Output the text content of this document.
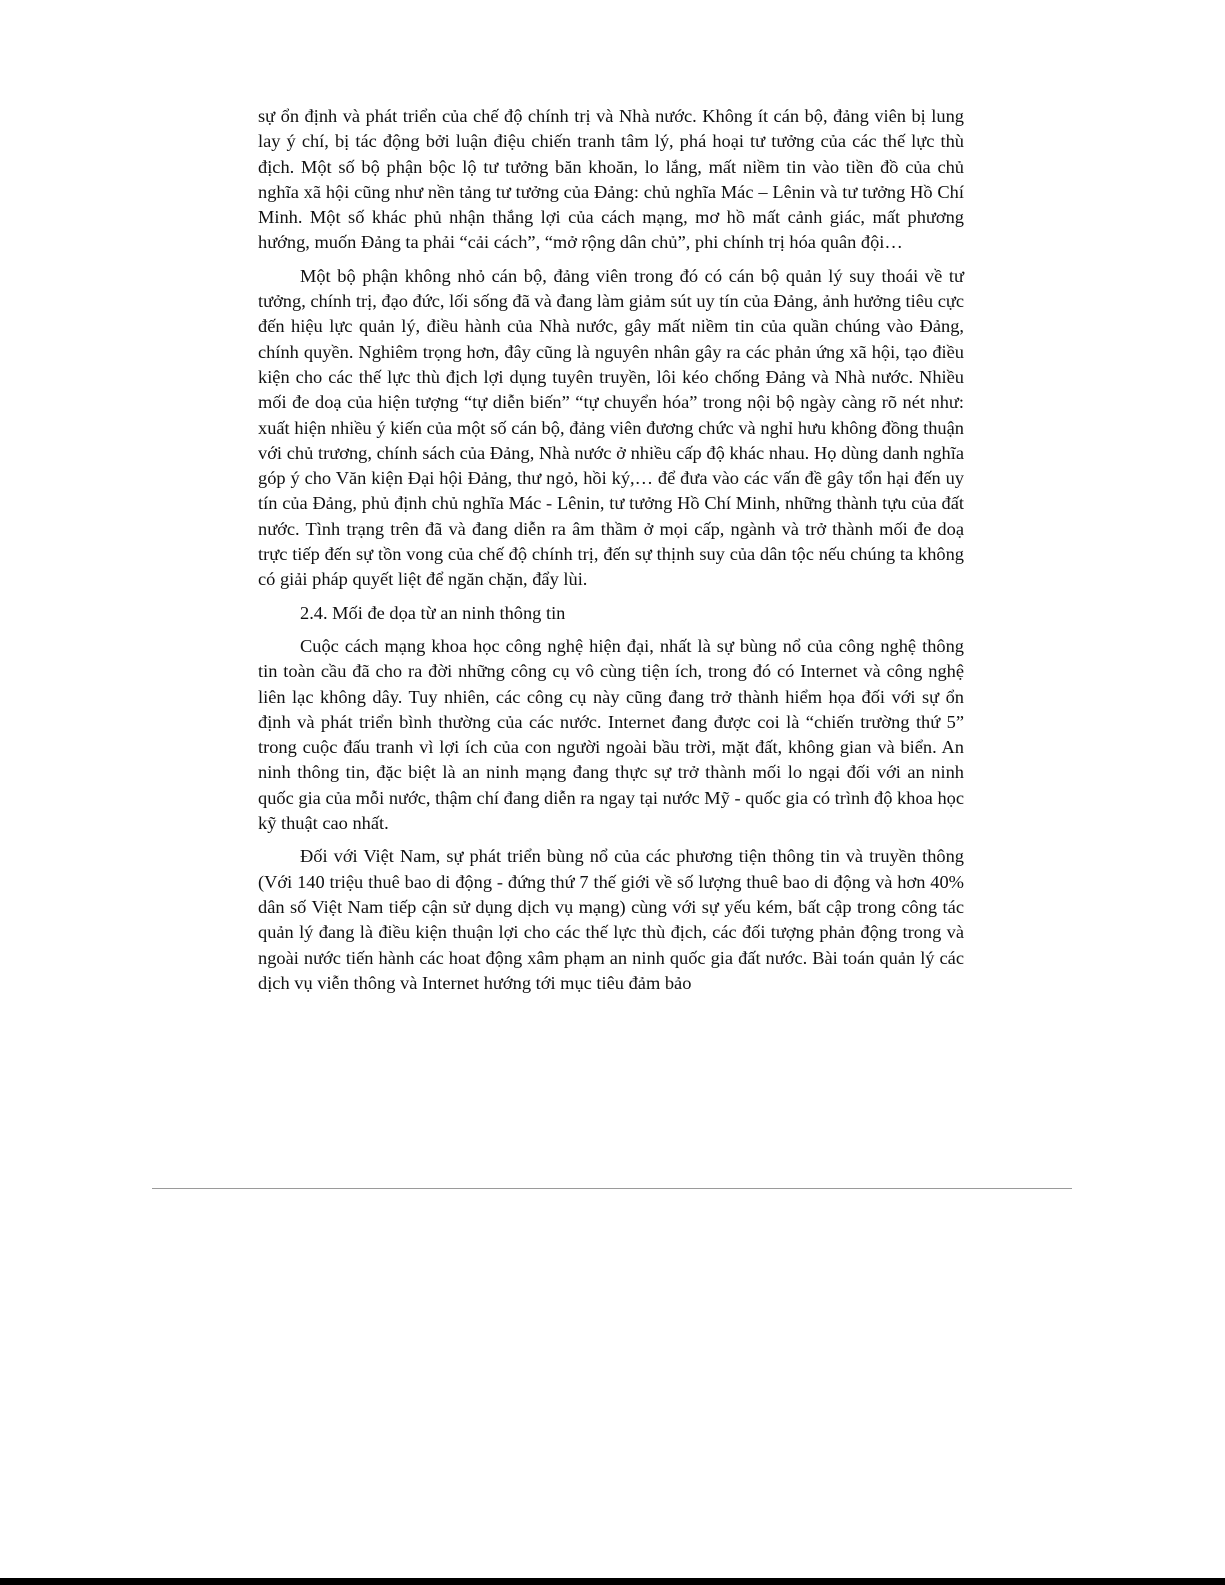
sự ổn định và phát triển của chế độ chính trị và Nhà nước. Không ít cán bộ, đảng viên bị lung lay ý chí, bị tác động bởi luận điệu chiến tranh tâm lý, phá hoại tư tưởng của các thế lực thù địch. Một số bộ phận bộc lộ tư tưởng băn khoăn, lo lắng, mất niềm tin vào tiền đồ của chủ nghĩa xã hội cũng như nền tảng tư tưởng của Đảng: chủ nghĩa Mác – Lênin và tư tưởng Hồ Chí Minh. Một số khác phủ nhận thắng lợi của cách mạng, mơ hồ mất cảnh giác, mất phương hướng, muốn Đảng ta phải “cải cách”, “mở rộng dân chủ”, phi chính trị hóa quân đội…

Một bộ phận không nhỏ cán bộ, đảng viên trong đó có cán bộ quản lý suy thoái về tư tưởng, chính trị, đạo đức, lối sống đã và đang làm giảm sút uy tín của Đảng, ảnh hưởng tiêu cực đến hiệu lực quản lý, điều hành của Nhà nước, gây mất niềm tin của quần chúng vào Đảng, chính quyền. Nghiêm trọng hơn, đây cũng là nguyên nhân gây ra các phản ứng xã hội, tạo điều kiện cho các thế lực thù địch lợi dụng tuyên truyền, lôi kéo chống Đảng và Nhà nước. Nhiều mối đe doạ của hiện tượng “tự diễn biến” “tự chuyển hóa” trong nội bộ ngày càng rõ nét như: xuất hiện nhiều ý kiến của một số cán bộ, đảng viên đương chức và nghỉ hưu không đồng thuận với chủ trương, chính sách của Đảng, Nhà nước ở nhiều cấp độ khác nhau. Họ dùng danh nghĩa góp ý cho Văn kiện Đại hội Đảng, thư ngỏ, hồi ký,… để đưa vào các vấn đề gây tổn hại đến uy tín của Đảng, phủ định chủ nghĩa Mác - Lênin, tư tưởng Hồ Chí Minh, những thành tựu của đất nước. Tình trạng trên đã và đang diễn ra âm thầm ở mọi cấp, ngành và trở thành mối đe doạ trực tiếp đến sự tồn vong của chế độ chính trị, đến sự thịnh suy của dân tộc nếu chúng ta không có giải pháp quyết liệt để ngăn chặn, đẩy lùi.

2.4. Mối đe dọa từ an ninh thông tin

Cuộc cách mạng khoa học công nghệ hiện đại, nhất là sự bùng nổ của công nghệ thông tin toàn cầu đã cho ra đời những công cụ vô cùng tiện ích, trong đó có Internet và công nghệ liên lạc không dây. Tuy nhiên, các công cụ này cũng đang trở thành hiểm họa đối với sự ổn định và phát triển bình thường của các nước. Internet đang được coi là “chiến trường thứ 5” trong cuộc đấu tranh vì lợi ích của con người ngoài bầu trời, mặt đất, không gian và biển. An ninh thông tin, đặc biệt là an ninh mạng đang thực sự trở thành mối lo ngại đối với an ninh quốc gia của mỗi nước, thậm chí đang diễn ra ngay tại nước Mỹ - quốc gia có trình độ khoa học kỹ thuật cao nhất.

Đối với Việt Nam, sự phát triển bùng nổ của các phương tiện thông tin và truyền thông (Với 140 triệu thuê bao di động - đứng thứ 7 thế giới về số lượng thuê bao di động và hơn 40% dân số Việt Nam tiếp cận sử dụng dịch vụ mạng) cùng với sự yếu kém, bất cập trong công tác quản lý đang là điều kiện thuận lợi cho các thế lực thù địch, các đối tượng phản động trong và ngoài nước tiến hành các hoat động xâm phạm an ninh quốc gia đất nước. Bài toán quản lý các dịch vụ viễn thông và Internet hướng tới mục tiêu đảm bảo
